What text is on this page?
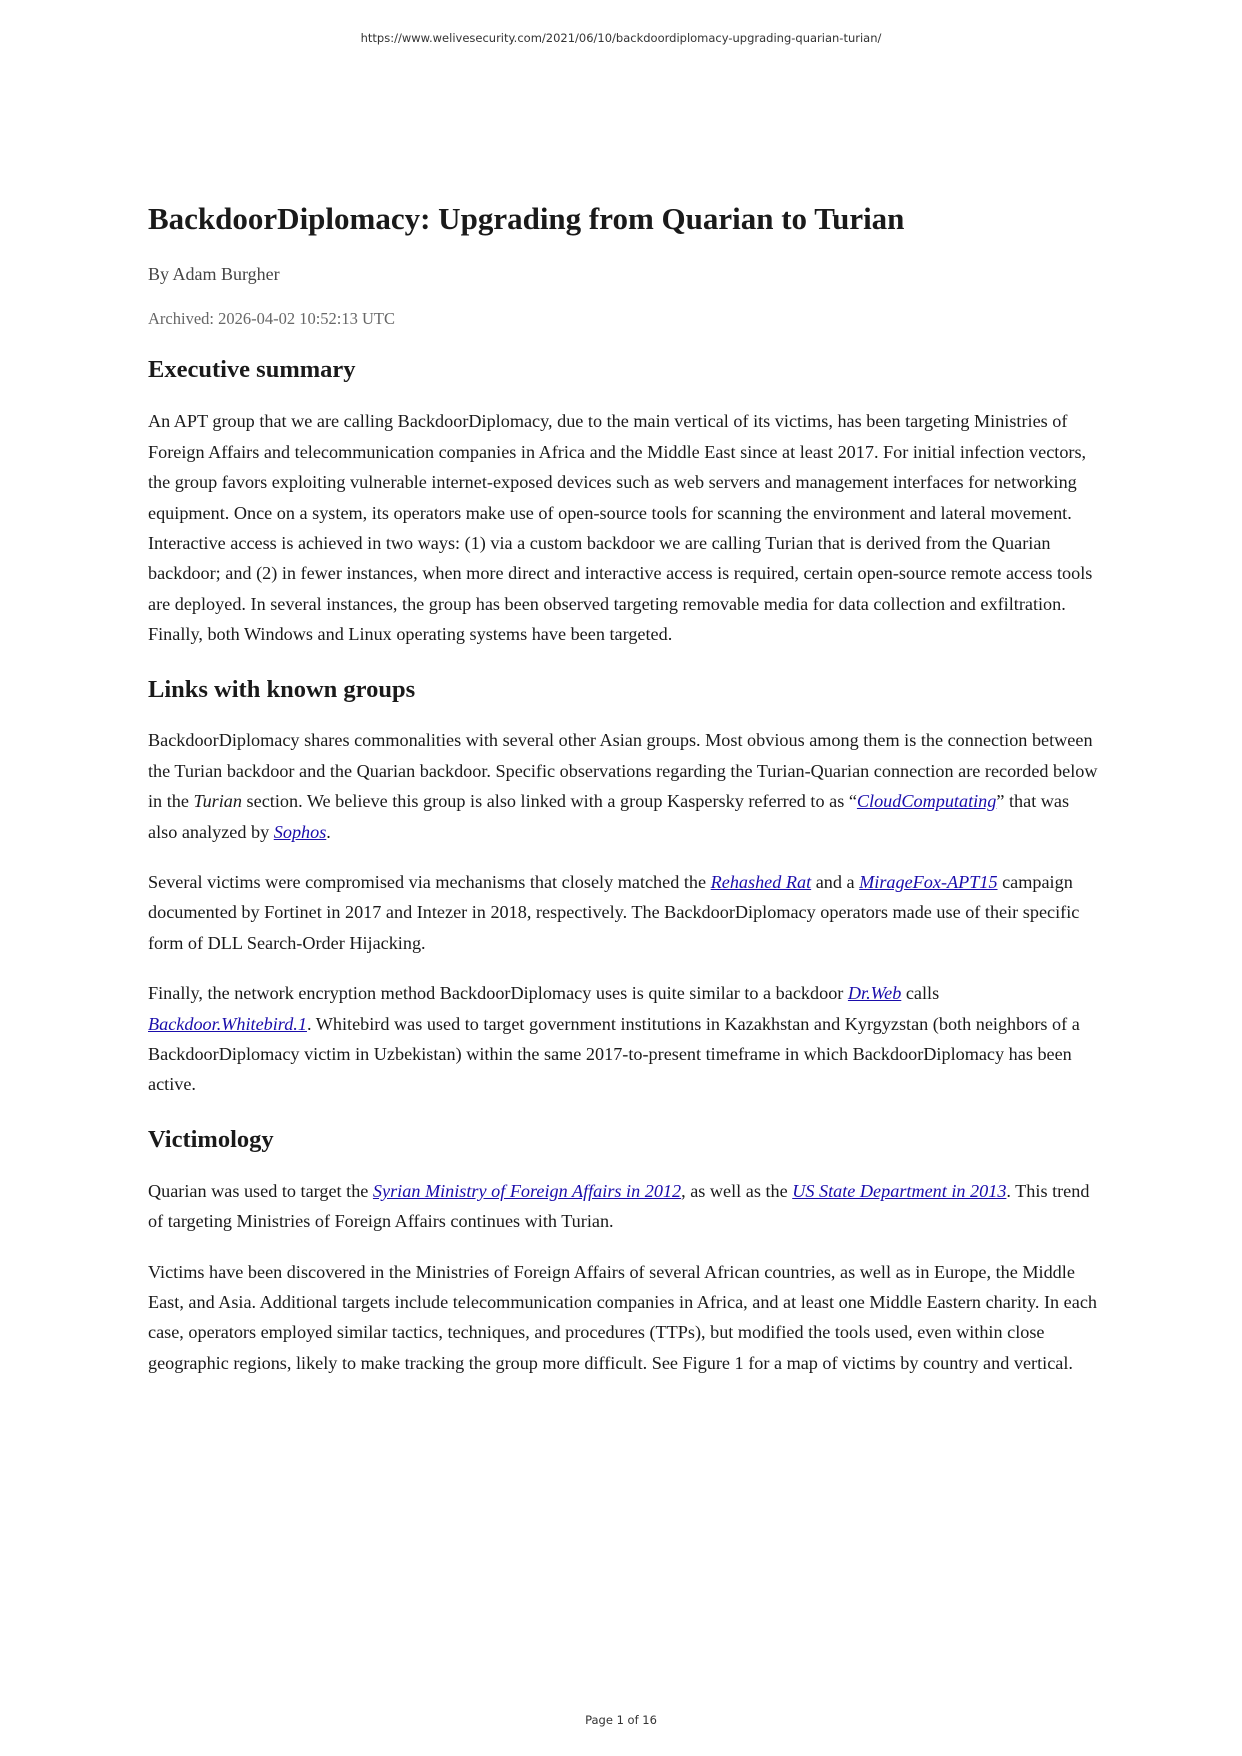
https://www.welivesecurity.com/2021/06/10/backdoordiplomacy-upgrading-quarian-turian/
BackdoorDiplomacy: Upgrading from Quarian to Turian
By Adam Burgher
Archived: 2026-04-02 10:52:13 UTC
Executive summary

An APT group that we are calling BackdoorDiplomacy, due to the main vertical of its victims, has been targeting Ministries of Foreign Affairs and telecommunication companies in Africa and the Middle East since at least 2017. For initial infection vectors, the group favors exploiting vulnerable internet-exposed devices such as web servers and management interfaces for networking equipment. Once on a system, its operators make use of open-source tools for scanning the environment and lateral movement. Interactive access is achieved in two ways: (1) via a custom backdoor we are calling Turian that is derived from the Quarian backdoor; and (2) in fewer instances, when more direct and interactive access is required, certain open-source remote access tools are deployed. In several instances, the group has been observed targeting removable media for data collection and exfiltration. Finally, both Windows and Linux operating systems have been targeted.

Links with known groups

BackdoorDiplomacy shares commonalities with several other Asian groups. Most obvious among them is the connection between the Turian backdoor and the Quarian backdoor. Specific observations regarding the Turian-Quarian connection are recorded below in the Turian section. We believe this group is also linked with a group Kaspersky referred to as “CloudComputating” that was also analyzed by Sophos.

Several victims were compromised via mechanisms that closely matched the Rehashed Rat and a MirageFox-APT15 campaign documented by Fortinet in 2017 and Intezer in 2018, respectively. The BackdoorDiplomacy operators made use of their specific form of DLL Search-Order Hijacking.

Finally, the network encryption method BackdoorDiplomacy uses is quite similar to a backdoor Dr.Web calls Backdoor.Whitebird.1. Whitebird was used to target government institutions in Kazakhstan and Kyrgyzstan (both neighbors of a BackdoorDiplomacy victim in Uzbekistan) within the same 2017-to-present timeframe in which BackdoorDiplomacy has been active.

Victimology

Quarian was used to target the Syrian Ministry of Foreign Affairs in 2012, as well as the US State Department in 2013. This trend of targeting Ministries of Foreign Affairs continues with Turian.

Victims have been discovered in the Ministries of Foreign Affairs of several African countries, as well as in Europe, the Middle East, and Asia. Additional targets include telecommunication companies in Africa, and at least one Middle Eastern charity. In each case, operators employed similar tactics, techniques, and procedures (TTPs), but modified the tools used, even within close geographic regions, likely to make tracking the group more difficult. See Figure 1 for a map of victims by country and vertical.

Page 1 of 16
